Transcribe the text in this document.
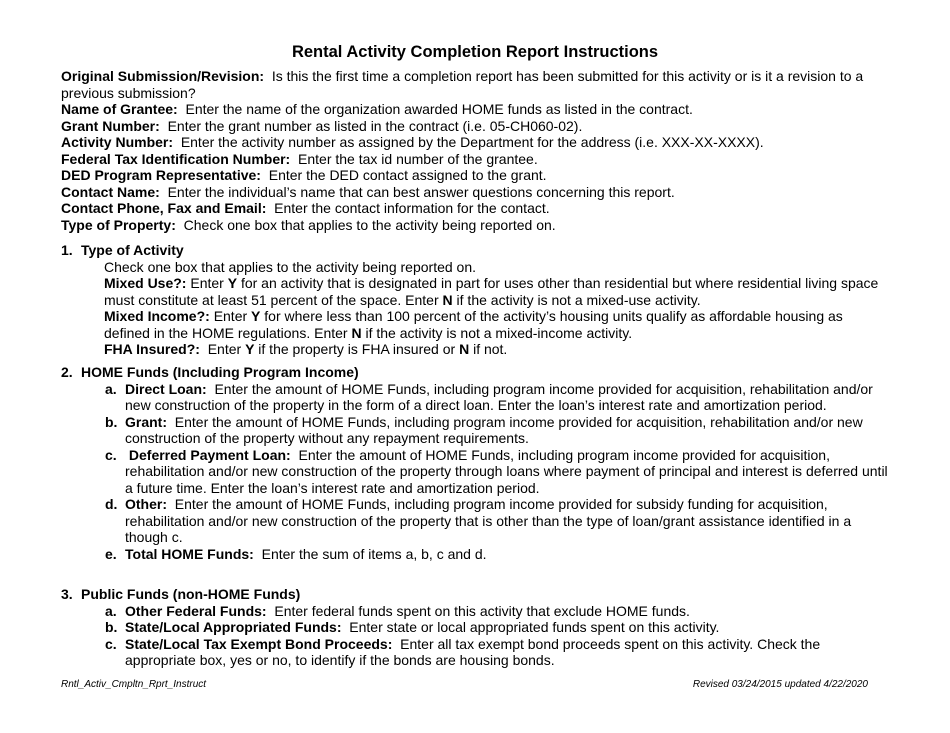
Rental Activity Completion Report Instructions

Original Submission/Revision: Is this the first time a completion report has been submitted for this activity or is it a revision to a previous submission?

Name of Grantee: Enter the name of the organization awarded HOME funds as listed in the contract.

Grant Number: Enter the grant number as listed in the contract (i.e. 05-CH060-02).

Activity Number: Enter the activity number as assigned by the Department for the address (i.e. XXX-XX-XXXX).

Federal Tax Identification Number: Enter the tax id number of the grantee.

DED Program Representative: Enter the DED contact assigned to the grant.

Contact Name: Enter the individual’s name that can best answer questions concerning this report.

Contact Phone, Fax and Email: Enter the contact information for the contact.

Type of Property: Check one box that applies to the activity being reported on.

1. Type of Activity

Check one box that applies to the activity being reported on.

Mixed Use?: Enter Y for an activity that is designated in part for uses other than residential but where residential living space must constitute at least 51 percent of the space. Enter N if the activity is not a mixed-use activity.

Mixed Income?: Enter Y for where less than 100 percent of the activity’s housing units qualify as affordable housing as defined in the HOME regulations. Enter N if the activity is not a mixed-income activity.

FHA Insured?: Enter Y if the property is FHA insured or N if not.

2. HOME Funds (Including Program Income)

a. Direct Loan: Enter the amount of HOME Funds, including program income provided for acquisition, rehabilitation and/or new construction of the property in the form of a direct loan. Enter the loan’s interest rate and amortization period.

b. Grant: Enter the amount of HOME Funds, including program income provided for acquisition, rehabilitation and/or new construction of the property without any repayment requirements.

c. Deferred Payment Loan: Enter the amount of HOME Funds, including program income provided for acquisition, rehabilitation and/or new construction of the property through loans where payment of principal and interest is deferred until a future time. Enter the loan’s interest rate and amortization period.

d. Other: Enter the amount of HOME Funds, including program income provided for subsidy funding for acquisition, rehabilitation and/or new construction of the property that is other than the type of loan/grant assistance identified in a though c.

e. Total HOME Funds: Enter the sum of items a, b, c and d.

3. Public Funds (non-HOME Funds)

a. Other Federal Funds: Enter federal funds spent on this activity that exclude HOME funds.

b. State/Local Appropriated Funds: Enter state or local appropriated funds spent on this activity.

c. State/Local Tax Exempt Bond Proceeds: Enter all tax exempt bond proceeds spent on this activity. Check the appropriate box, yes or no, to identify if the bonds are housing bonds.

Rntl_Activ_Cmpltn_Rprt_Instruct	Revised 03/24/2015 updated 4/22/2020
